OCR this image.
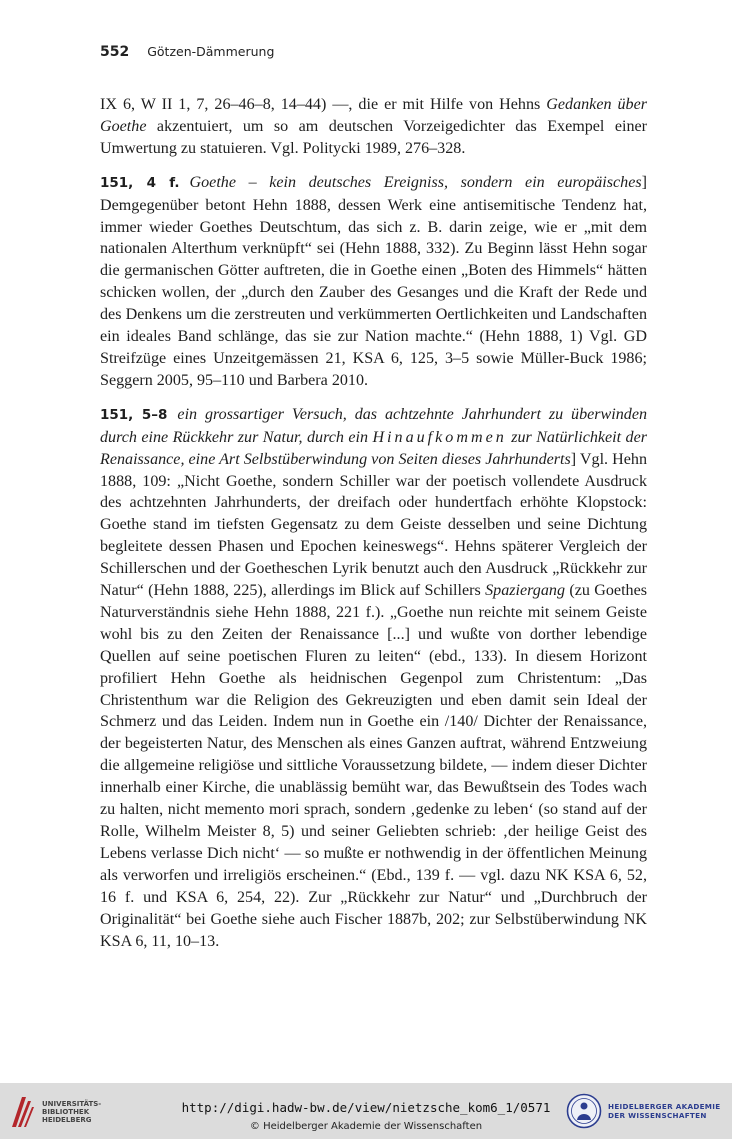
552 Götzen-Dämmerung

IX 6, W II 1, 7, 26–46–8, 14–44) —, die er mit Hilfe von Hehns Gedanken über Goethe akzentuiert, um so am deutschen Vorzeigedichter das Exempel einer Umwertung zu statuieren. Vgl. Politycki 1989, 276–328.

151, 4 f. Goethe – kein deutsches Ereigniss, sondern ein europäisches] Demgegenüber betont Hehn 1888, dessen Werk eine antisemitische Tendenz hat, immer wieder Goethes Deutschtum, das sich z. B. darin zeige, wie er „mit dem nationalen Alterthum verknüpft“ sei (Hehn 1888, 332). Zu Beginn lässt Hehn sogar die germanischen Götter auftreten, die in Goethe einen „Boten des Himmels“ hätten schicken wollen, der „durch den Zauber des Gesanges und die Kraft der Rede und des Denkens um die zerstreuten und verkümmerten Oertlichkeiten und Landschaften ein ideales Band schlänge, das sie zur Nation machte.“ (Hehn 1888, 1) Vgl. GD Streifzüge eines Unzeitgemässen 21, KSA 6, 125, 3–5 sowie Müller-Buck 1986; Seggern 2005, 95–110 und Barbera 2010.

151, 5–8 ein grossartiger Versuch, das achtzehnte Jahrhundert zu überwinden durch eine Rückkehr zur Natur, durch ein Hinaufkommen zur Natürlichkeit der Renaissance, eine Art Selbstüberwindung von Seiten dieses Jahrhunderts] Vgl. Hehn 1888, 109: „Nicht Goethe, sondern Schiller war der poetisch vollendete Ausdruck des achtzehnten Jahrhunderts, der dreifach oder hundertfach erhöhte Klopstock: Goethe stand im tiefsten Gegensatz zu dem Geiste desselben und seine Dichtung begleitete dessen Phasen und Epochen keineswegs“. Hehns späterer Vergleich der Schillerschen und der Goetheschen Lyrik benutzt auch den Ausdruck „Rückkehr zur Natur“ (Hehn 1888, 225), allerdings im Blick auf Schillers Spaziergang (zu Goethes Naturverständnis siehe Hehn 1888, 221 f.). „Goethe nun reichte mit seinem Geiste wohl bis zu den Zeiten der Renaissance [...] und wußte von dorther lebendige Quellen auf seine poetischen Fluren zu leiten“ (ebd., 133). In diesem Horizont profiliert Hehn Goethe als heidnischen Gegenpol zum Christentum: „Das Christenthum war die Religion des Gekreuzigten und eben damit sein Ideal der Schmerz und das Leiden. Indem nun in Goethe ein /140/ Dichter der Renaissance, der begeisterten Natur, des Menschen als eines Ganzen auftrat, während Entzweiung die allgemeine religiöse und sittliche Voraussetzung bildete, — indem dieser Dichter innerhalb einer Kirche, die unablässig bemüht war, das Bewußtsein des Todes wach zu halten, nicht memento mori sprach, sondern ‚gedenke zu leben‘ (so stand auf der Rolle, Wilhelm Meister 8, 5) und seiner Geliebten schrieb: ‚der heilige Geist des Lebens verlasse Dich nicht‘ — so mußte er nothwendig in der öffentlichen Meinung als verworfen und irreligiös erscheinen.“ (Ebd., 139 f. — vgl. dazu NK KSA 6, 52, 16 f. und KSA 6, 254, 22). Zur „Rückkehr zur Natur“ und „Durchbruch der Originalität“ bei Goethe siehe auch Fischer 1887b, 202; zur Selbstüberwindung NK KSA 6, 11, 10–13.

UNIVERSITÄTS-
BIBLIOTHEK
HEIDELBERG
http://digi.hadw-bw.de/view/nietzsche_kom6_1/0571
© Heidelberger Akademie der Wissenschaften
HEIDELBERGER AKADEMIE
DER WISSENSCHAFTEN
